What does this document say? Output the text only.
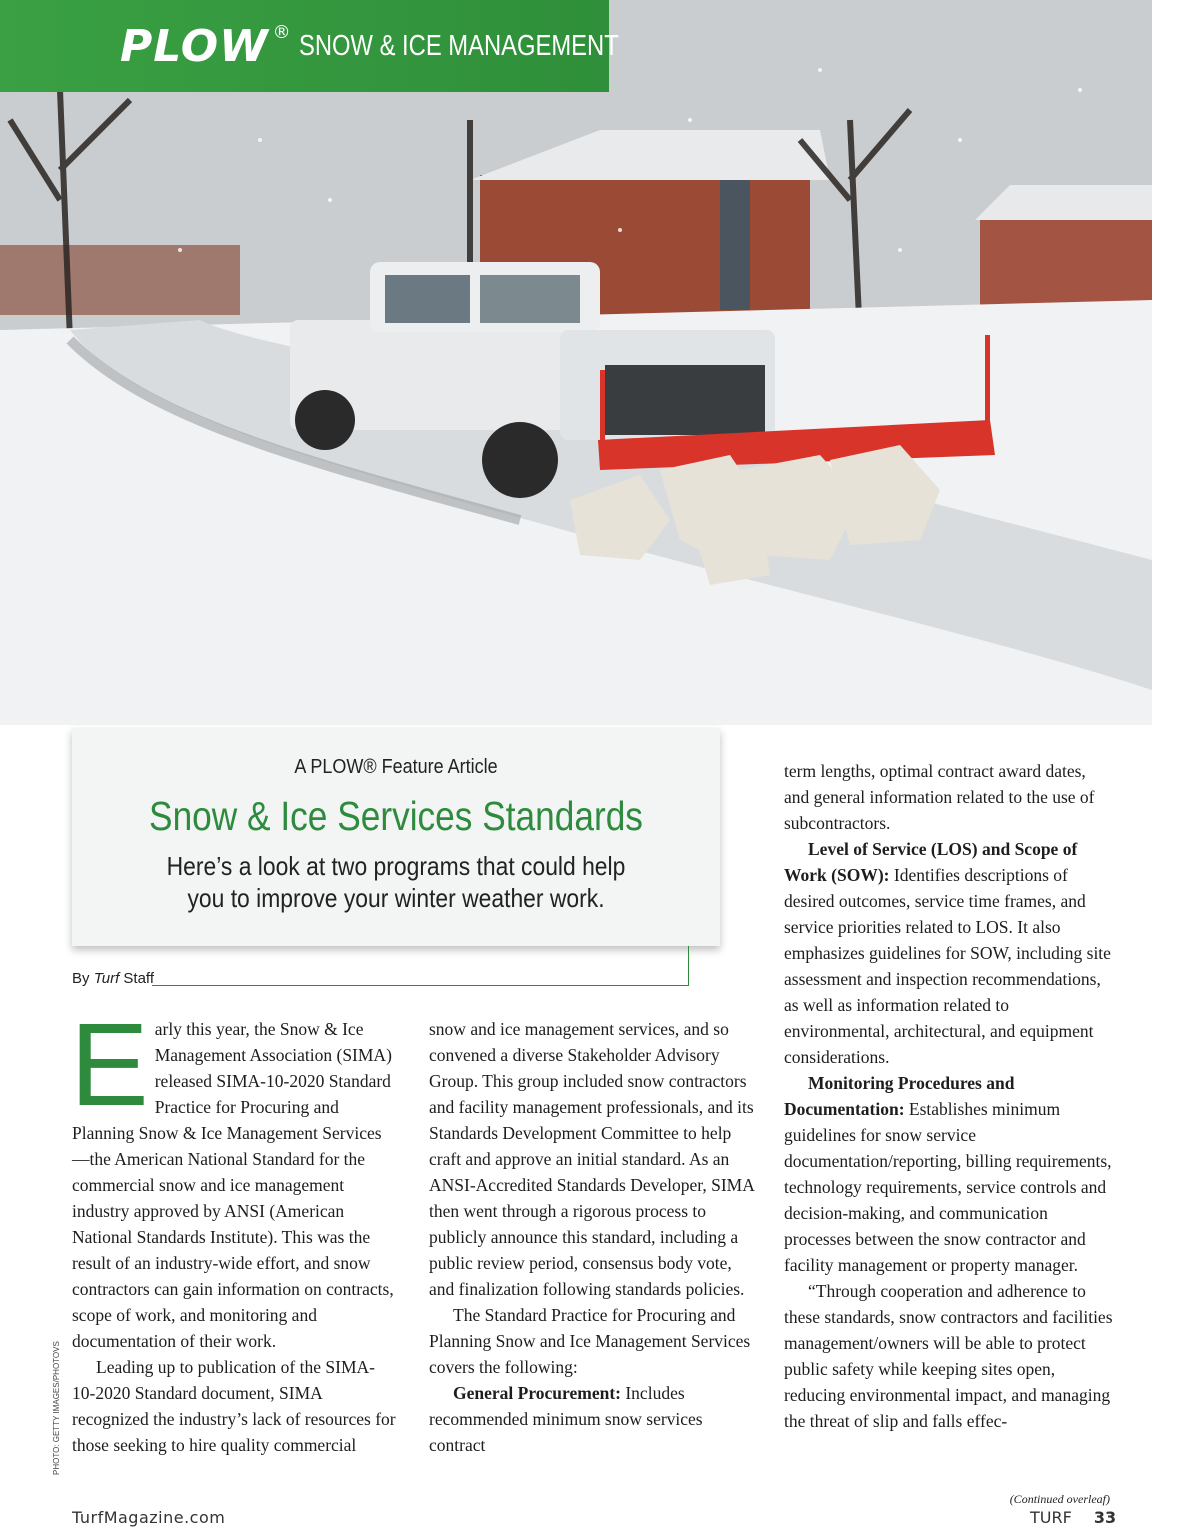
PLOW ® SNOW & ICE MANAGEMENT
A PLOW® Feature Article
Snow & Ice Services Standards
Here’s a look at two programs that could help
you to improve your winter weather work.
By Turf Staff

Early this year, the Snow & Ice Management Association (SIMA) released SIMA-10-2020 Standard Practice for Procuring and Planning Snow & Ice Management Services—the American National Standard for the commercial snow and ice management industry approved by ANSI (American National Standards Institute). This was the result of an industry-wide effort, and snow contractors can gain information on contracts, scope of work, and monitoring and documentation of their work.

Leading up to publication of the SIMA-10-2020 Standard document, SIMA recognized the industry’s lack of resources for those seeking to hire quality commercial

snow and ice management services, and so convened a diverse Stakeholder Advisory Group. This group included snow contractors and facility management professionals, and its Standards Development Committee to help craft and approve an initial standard. As an ANSI-Accredited Standards Developer, SIMA then went through a rigorous process to publicly announce this standard, including a public review period, consensus body vote, and finalization following standards policies.

The Standard Practice for Procuring and Planning Snow and Ice Management Services covers the following:

General Procurement: Includes recommended minimum snow services contract

term lengths, optimal contract award dates, and general information related to the use of subcontractors.

Level of Service (LOS) and Scope of Work (SOW): Identifies descriptions of desired outcomes, service time frames, and service priorities related to LOS. It also emphasizes guidelines for SOW, including site assessment and inspection recommendations, as well as information related to environmental, architectural, and equipment considerations.

Monitoring Procedures and Documentation: Establishes minimum guidelines for snow service documentation/reporting, billing requirements, technology requirements, service controls and decision-making, and communication processes between the snow contractor and facility management or property manager.

“Through cooperation and adherence to these standards, snow contractors and facilities management/owners will be able to protect public safety while keeping sites open, reducing environmental impact, and managing the threat of slip and falls effec-

(Continued overleaf)
PHOTO: GETTY IMAGES/PHOTOVS
TurfMagazine.com	TURF 33
